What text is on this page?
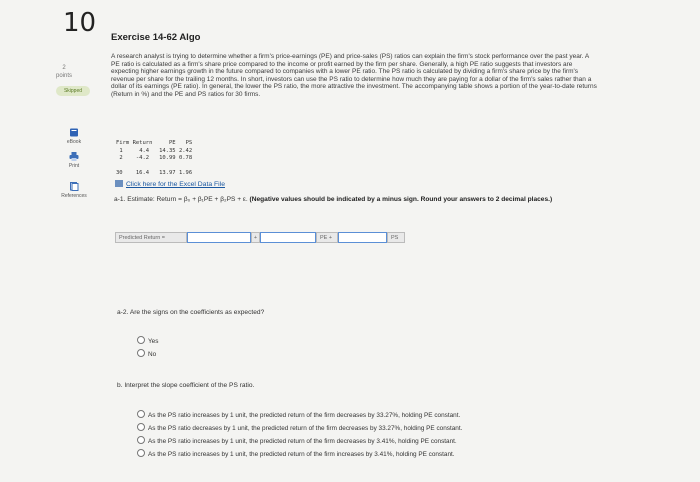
10
2
points
Skipped
eBook
Print
References
Exercise 14-62 Algo
A research analyst is trying to determine whether a firm's price-earnings (PE) and price-sales (PS) ratios can explain the firm's stock performance over the past year. A PE ratio is calculated as a firm's share price compared to the income or profit earned by the firm per share. Generally, a high PE ratio suggests that investors are expecting higher earnings growth in the future compared to companies with a lower PE ratio. The PS ratio is calculated by dividing a firm's share price by the firm's revenue per share for the trailing 12 months. In short, investors can use the PS ratio to determine how much they are paying for a dollar of the firm's sales rather than a dollar of its earnings (PE ratio). In general, the lower the PS ratio, the more attractive the investment. The accompanying table shows a portion of the year-to-date returns (Return in %) and the PE and PS ratios for 30 firms.

Firm Return	PE PS
1	4.4 14.35 2.42
2 -4.2 10.99 0.78
30 16.4 13.97 1.96

Click here for the Excel Data File
a-1. Estimate: Return = β₀ + β₁PE + β₂PS + ε. (Negative values should be indicated by a minus sign. Round your answers to 2 decimal places.)
Predicted Return =	+	PE +	PS
a-2. Are the signs on the coefficients as expected?
Yes
No
b. Interpret the slope coefficient of the PS ratio.
As the PS ratio increases by 1 unit, the predicted return of the firm decreases by 33.27%, holding PE constant.
As the PS ratio decreases by 1 unit, the predicted return of the firm decreases by 33.27%, holding PE constant.
As the PS ratio increases by 1 unit, the predicted return of the firm decreases by 3.41%, holding PE constant.
As the PS ratio increases by 1 unit, the predicted return of the firm increases by 3.41%, holding PE constant.
